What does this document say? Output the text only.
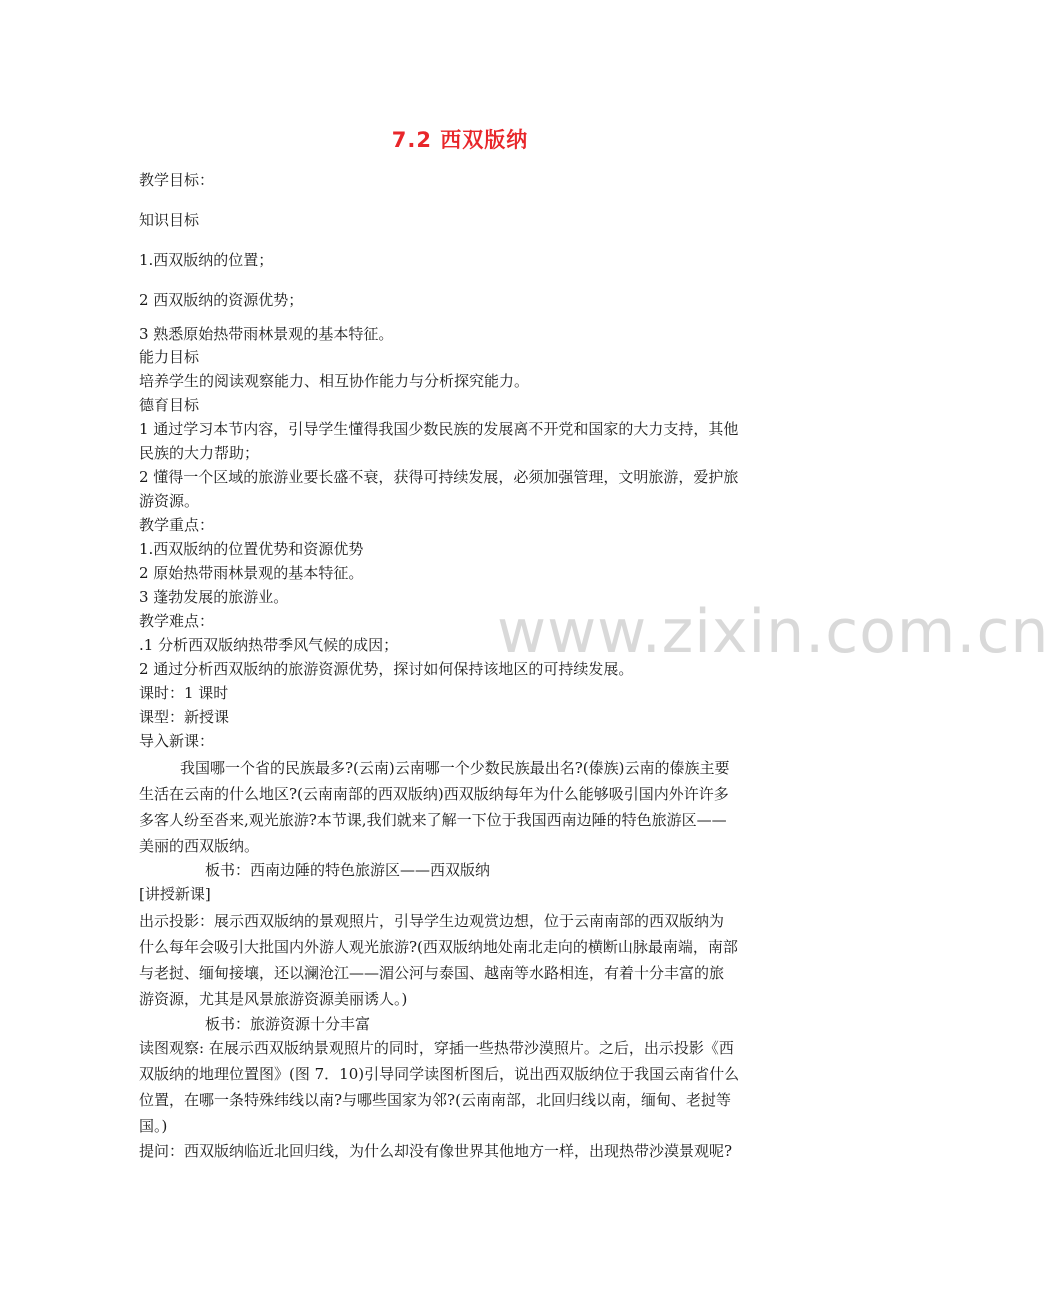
www.zixin.com.cn
7.2 西双版纳
教学目标：
知识目标
1.西双版纳的位置；
2 西双版纳的资源优势；
3 熟悉原始热带雨林景观的基本特征。
能力目标
培养学生的阅读观察能力、相互协作能力与分析探究能力。
德育目标
1 通过学习本节内容，引导学生懂得我国少数民族的发展离不开党和国家的大力支持，其他
民族的大力帮助；
2 懂得一个区域的旅游业要长盛不衰，获得可持续发展，必须加强管理，文明旅游，爱护旅
游资源。
教学重点：
1.西双版纳的位置优势和资源优势
2 原始热带雨林景观的基本特征。
3 蓬勃发展的旅游业。
教学难点：
.1 分析西双版纳热带季风气候的成因；
2 通过分析西双版纳的旅游资源优势，探讨如何保持该地区的可持续发展。
课时：1 课时
课型：新授课
导入新课：
我国哪一个省的民族最多?(云南)云南哪一个少数民族最出名?(傣族)云南的傣族主要
生活在云南的什么地区?(云南南部的西双版纳)西双版纳每年为什么能够吸引国内外许许多
多客人纷至沓来,观光旅游?本节课,我们就来了解一下位于我国西南边陲的特色旅游区——
美丽的西双版纳。
板书：西南边陲的特色旅游区——西双版纳
[讲授新课]
出示投影：展示西双版纳的景观照片，引导学生边观赏边想，位于云南南部的西双版纳为
什么每年会吸引大批国内外游人观光旅游?(西双版纳地处南北走向的横断山脉最南端，南部
与老挝、缅甸接壤，还以澜沧江——湄公河与泰国、越南等水路相连，有着十分丰富的旅
游资源，尤其是风景旅游资源美丽诱人。)
板书：旅游资源十分丰富
读图观察: 在展示西双版纳景观照片的同时，穿插一些热带沙漠照片。之后，出示投影《西
双版纳的地理位置图》(图 7．10)引导同学读图析图后，说出西双版纳位于我国云南省什么
位置，在哪一条特殊纬线以南?与哪些国家为邻?(云南南部，北回归线以南，缅甸、老挝等
国。)
提问：西双版纳临近北回归线，为什么却没有像世界其他地方一样，出现热带沙漠景观呢?
